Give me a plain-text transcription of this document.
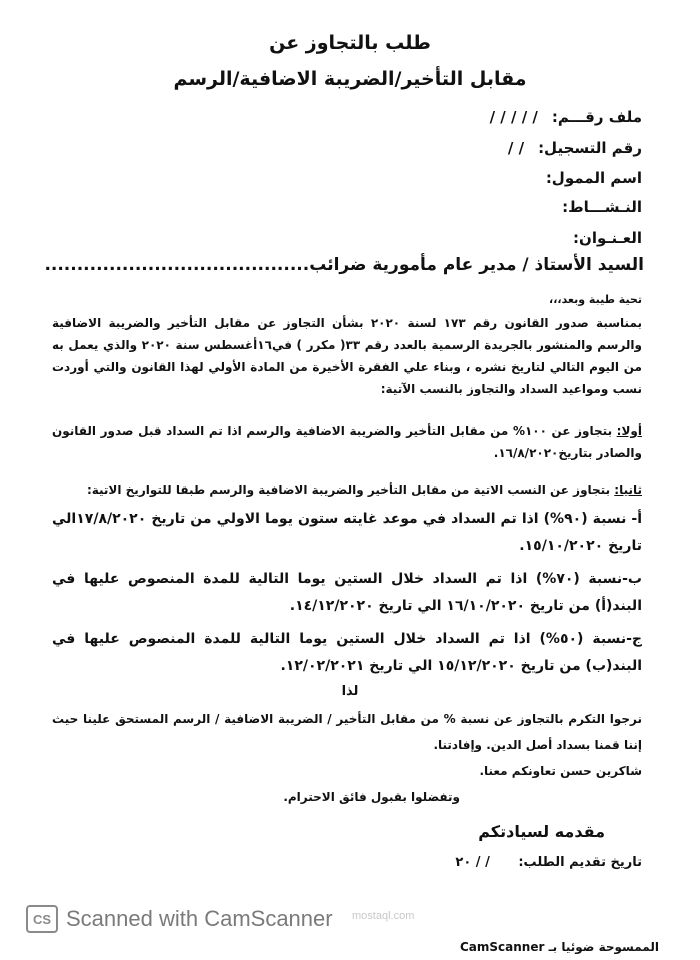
طلب بالتجاوز عن
مقابل التأخير/الضريبة الاضافية/الرسم
ملف رقـــم:/ / / / /
رقم التسجيل:/ /
اسم الممول:
النـشـــاط:
العـنـوان:
السيد الأستاذ / مدير عام مأمورية ضرائب.........................................
تحية طيبة وبعد،،،
بمناسبة صدور القانون رقم ١٧٣ لسنة ٢٠٢٠ بشأن التجاوز عن مقابل التأخير والضريبة الاضافية والرسم والمنشور بالجريدة الرسمية بالعدد رقم ٣٣( مكرر ) في١٦أغسطس سنة ٢٠٢٠ والذي يعمل به من اليوم التالي لتاريخ نشره ، وبناء علي الفقرة الأخيرة من المادة الأولي لهذا القانون والتي أوردت نسب ومواعيد السداد والتجاوز بالنسب الآتية:
أولا: بتجاوز عن ١٠٠% من مقابل التأخير والضريبة الاضافية والرسم اذا تم السداد قبل صدور القانون والصادر بتاريخ١٦/٨/٢٠٢٠.
ثانيا: بتجاوز عن النسب الاتية من مقابل التأخير والضريبة الاضافية والرسم طبقا للتواريخ الاتية:
أ- نسبة (٩٠%) اذا تم السداد في موعد غايته ستون يوما الاولي من تاريخ ١٧/٨/٢٠٢٠الي تاريخ ١٥/١٠/٢٠٢٠.
ب-نسبة (٧٠%) اذا تم السداد خلال الستين يوما التالية للمدة المنصوص عليها في البند(أ) من تاريخ ١٦/١٠/٢٠٢٠ الي تاريخ ١٤/١٢/٢٠٢٠.
ج-نسبة (٥٠%) اذا تم السداد خلال الستين يوما التالية للمدة المنصوص عليها في البند(ب) من تاريخ ١٥/١٢/٢٠٢٠ الي تاريخ ١٢/٠٢/٢٠٢١.
لذا
نرجوا التكرم بالتجاوز عن نسبة % من مقابل التأخير / الضريبة الاضافية / الرسم المستحق علينا حيث إننا قمنا بسداد أصل الدين. وإفادتنا.
شاكرين حسن تعاونكم معنا.
وتفضلوا بقبول فائق الاحترام.
مقدمه لسيادتكم
تاريخ تقديم الطلب: / / ٢٠
CS Scanned with CamScanner mostaql.com
الممسوحة ضوئيا بـ CamScanner
